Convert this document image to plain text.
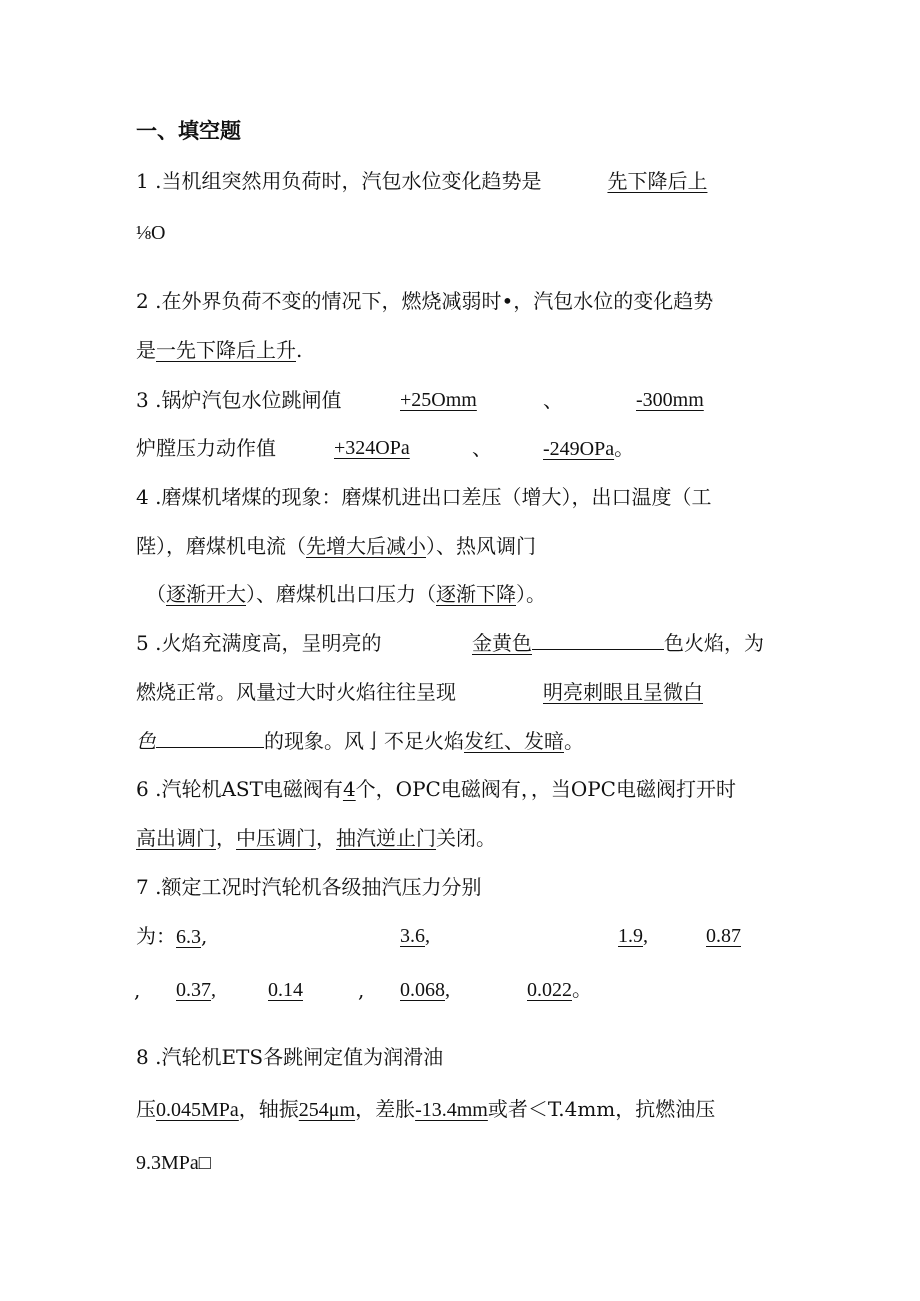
一、填空题
1 .当机组突然用负荷时，汽包水位变化趋势是	先下降后上
⅛O
2 .在外界负荷不变的情况下，燃烧减弱时•，汽包水位的变化趋势
是一先下降后上升.
3 .锅炉汽包水位跳闸值	+25Omm	、	-300mm
炉膛压力动作值	+324OPa	、	-249OPa。
4 .磨煤机堵煤的现象：磨煤机进出口差压（增大），出口温度（工
陛），磨煤机电流（先增大后减小）、热风调门
（逐渐开大）、磨煤机出口压力（逐渐下降）。
5 .火焰充满度高，呈明亮的	金黄色	色火焰，为
燃烧正常。风量过大时火焰往往呈现	明亮刺眼且呈微白
色	的现象。风亅不足火焰发红、发暗。
6 .汽轮机AST电磁阀有4个，OPC电磁阀有，，当OPC电磁阀打开时
高出调门，中压调门，抽汽逆止门关闭。
7 .额定工况时汽轮机各级抽汽压力分别
为：6.3,	3.6,	1.9,	0.87
, 0.37,	0.14	, 0.068,	0.022。
8 .汽轮机ETS各跳闸定值为润滑油
压0.045MPa，轴振254μm，差胀-13.4mm或者＜T.4mm，抗燃油压
9.3MPa□
